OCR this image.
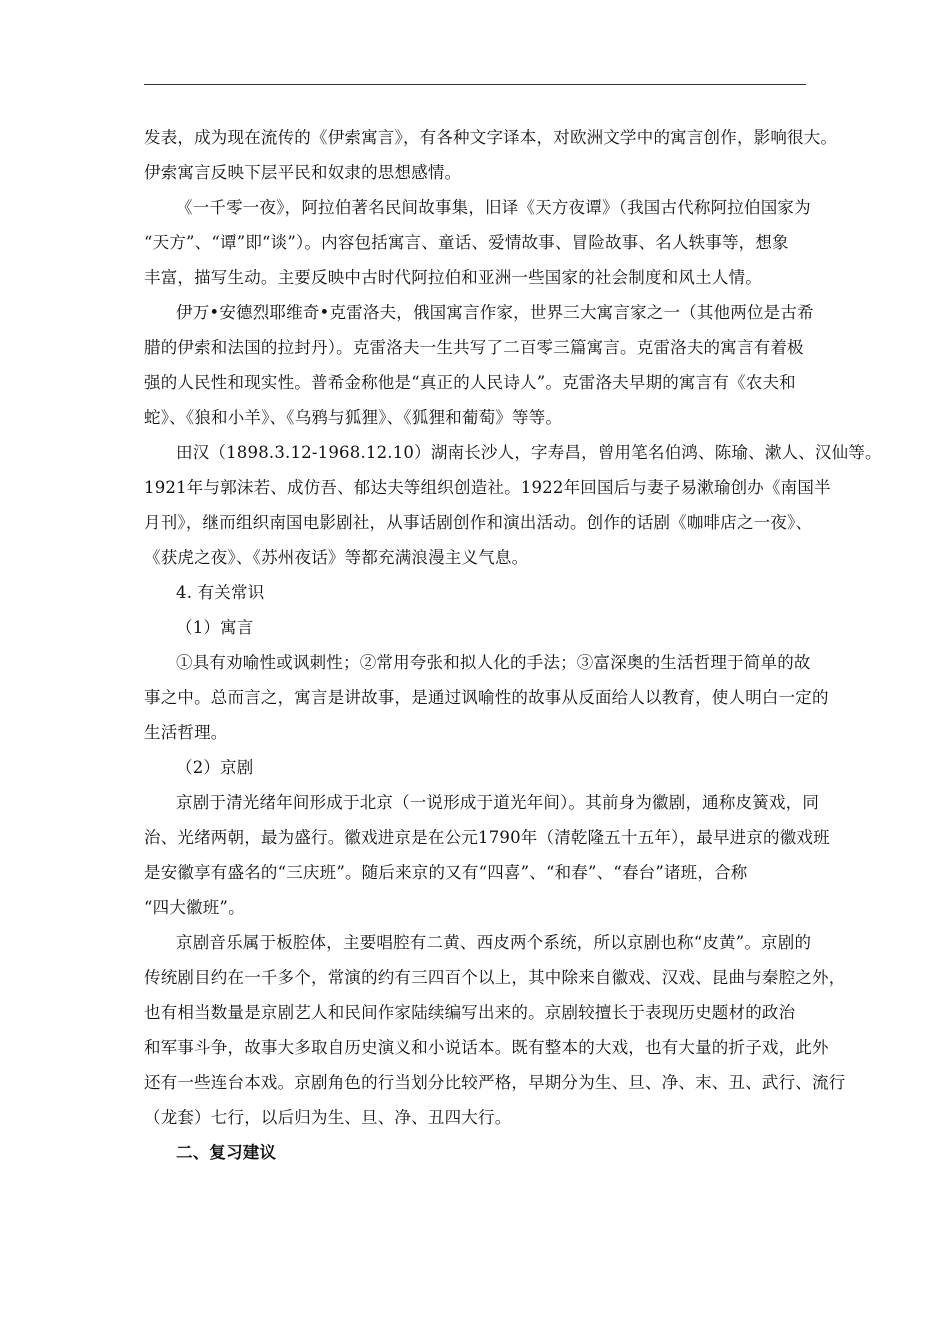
发表，成为现在流传的《伊索寓言》，有各种文字译本，对欧洲文学中的寓言创作，影响很大。
伊索寓言反映下层平民和奴隶的思想感情。
《一千零一夜》，阿拉伯著名民间故事集，旧译《天方夜谭》（我国古代称阿拉伯国家为
“天方”、“谭”即“谈”）。内容包括寓言、童话、爱情故事、冒险故事、名人轶事等，想象
丰富，描写生动。主要反映中古时代阿拉伯和亚洲一些国家的社会制度和风土人情。
伊万•安德烈耶维奇•克雷洛夫，俄国寓言作家，世界三大寓言家之一（其他两位是古希
腊的伊索和法国的拉封丹）。克雷洛夫一生共写了二百零三篇寓言。克雷洛夫的寓言有着极
强的人民性和现实性。普希金称他是“真正的人民诗人”。克雷洛夫早期的寓言有《农夫和
蛇》、《狼和小羊》、《乌鸦与狐狸》、《狐狸和葡萄》等等。
田汉（1898.3.12-1968.12.10）湖南长沙人，字寿昌，曾用笔名伯鸿、陈瑜、漱人、汉仙等。
1921年与郭沫若、成仿吾、郁达夫等组织创造社。1922年回国后与妻子易漱瑜创办《南国半
月刊》，继而组织南国电影剧社，从事话剧创作和演出活动。创作的话剧《咖啡店之一夜》、
《获虎之夜》、《苏州夜话》等都充满浪漫主义气息。
4. 有关常识
（1）寓言
①具有劝喻性或讽刺性；②常用夸张和拟人化的手法；③富深奥的生活哲理于简单的故
事之中。总而言之，寓言是讲故事，是通过讽喻性的故事从反面给人以教育，使人明白一定的
生活哲理。
（2）京剧
京剧于清光绪年间形成于北京（一说形成于道光年间）。其前身为徽剧，通称皮簧戏，同
治、光绪两朝，最为盛行。徽戏进京是在公元1790年（清乾隆五十五年），最早进京的徽戏班
是安徽享有盛名的“三庆班”。随后来京的又有“四喜”、“和春”、“春台”诸班，合称
“四大徽班”。
京剧音乐属于板腔体，主要唱腔有二黄、西皮两个系统，所以京剧也称“皮黄”。京剧的
传统剧目约在一千多个，常演的约有三四百个以上，其中除来自徽戏、汉戏、昆曲与秦腔之外，
也有相当数量是京剧艺人和民间作家陆续编写出来的。京剧较擅长于表现历史题材的政治
和军事斗争，故事大多取自历史演义和小说话本。既有整本的大戏，也有大量的折子戏，此外
还有一些连台本戏。京剧角色的行当划分比较严格，早期分为生、旦、净、末、丑、武行、流行
（龙套）七行，以后归为生、旦、净、丑四大行。
二、复习建议
